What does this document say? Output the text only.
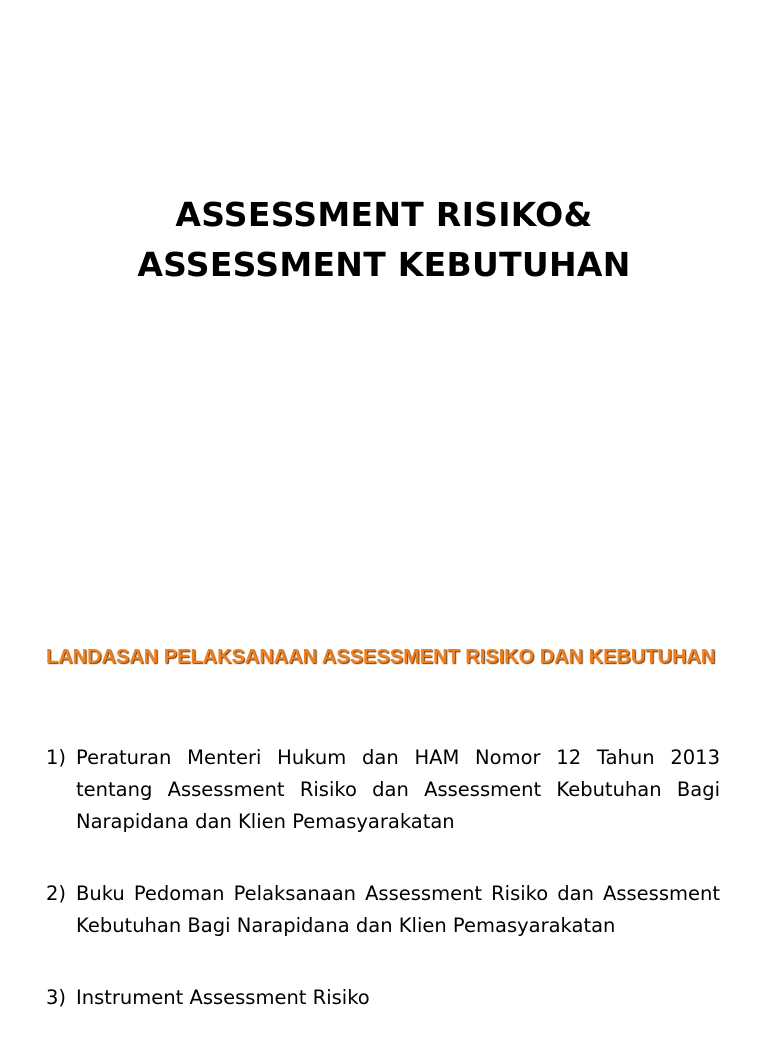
ASSESSMENT RISIKO&
ASSESSMENT KEBUTUHAN
LANDASAN PELAKSANAAN ASSESSMENT RISIKO DAN KEBUTUHAN
1) Peraturan Menteri Hukum dan HAM Nomor 12 Tahun 2013 tentang Assessment Risiko dan Assessment Kebutuhan Bagi Narapidana dan Klien Pemasyarakatan
2) Buku Pedoman Pelaksanaan Assessment Risiko dan Assessment Kebutuhan Bagi Narapidana dan Klien Pemasyarakatan
3) Instrument Assessment Risiko
